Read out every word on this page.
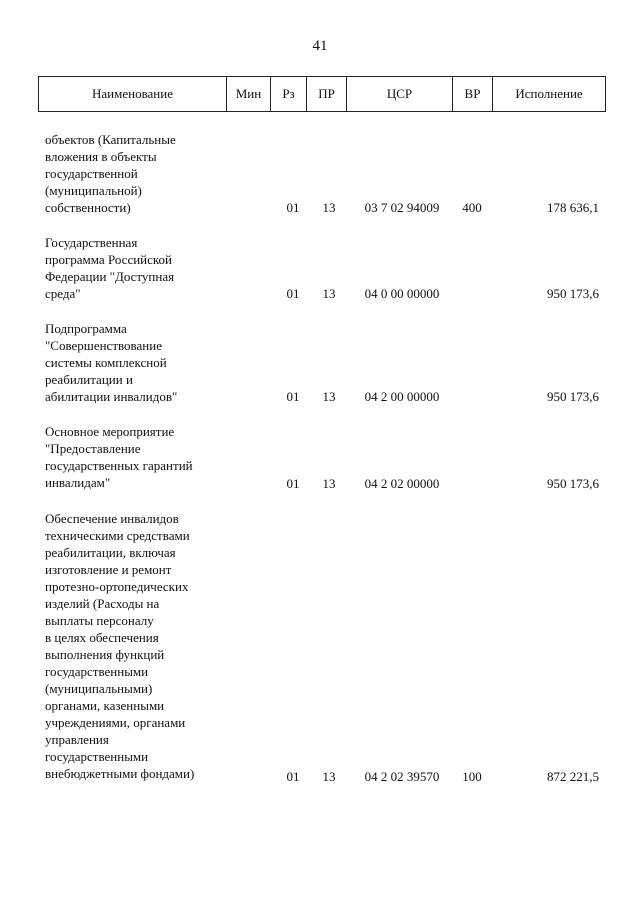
41
Наименование	Мин	Рз	ПР	ЦСР	ВР	Исполнение
объектов (Капитальные
вложения в объекты
государственной
(муниципальной)
собственности)	01	13	03 7 02 94009	400	178 636,1
Государственная
программа Российской
Федерации "Доступная
среда"	01	13	04 0 00 00000	950 173,6
Подпрограмма
"Совершенствование
системы комплексной
реабилитации и
абилитации инвалидов"	01	13	04 2 00 00000	950 173,6
Основное мероприятие
"Предоставление
государственных гарантий
инвалидам"	01	13	04 2 02 00000	950 173,6
Обеспечение инвалидов
техническими средствами
реабилитации, включая
изготовление и ремонт
протезно-ортопедических
изделий (Расходы на
выплаты персоналу
в целях обеспечения
выполнения функций
государственными
(муниципальными)
органами, казенными
учреждениями, органами
управления
государственными
внебюджетными фондами)	01	13	04 2 02 39570	100	872 221,5
